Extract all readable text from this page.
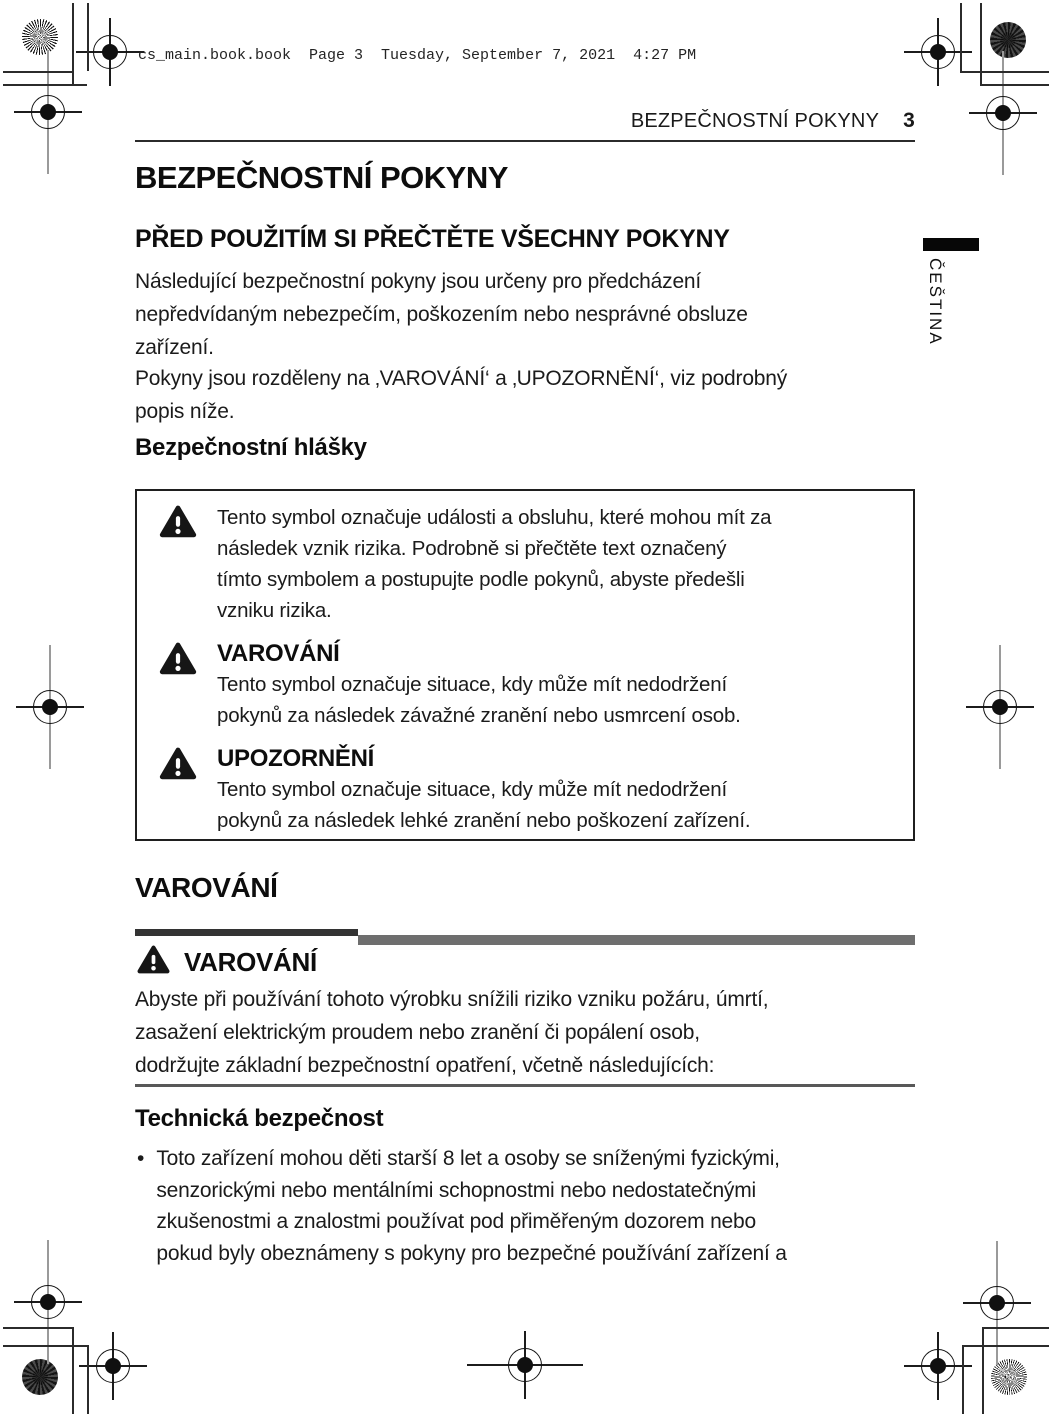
cs_main.book.book  Page 3  Tuesday, September 7, 2021  4:27 PM
BEZPEČNOSTNÍ POKYNY 3
ČEŠTINA
BEZPEČNOSTNÍ POKYNY
PŘED POUŽITÍM SI PŘEČTĚTE VŠECHNY POKYNY
Následující bezpečnostní pokyny jsou určeny pro předcházení
nepředvídaným nebezpečím, poškozením nebo nesprávné obsluze
zařízení.
Pokyny jsou rozděleny na ‚VAROVÁNÍ‘ a ‚UPOZORNĚNÍ‘, viz podrobný
popis níže.
Bezpečnostní hlášky
Tento symbol označuje události a obsluhu, které mohou mít za
následek vznik rizika. Podrobně si přečtěte text označený
tímto symbolem a postupujte podle pokynů, abyste předešli
vzniku rizika.
VAROVÁNÍ
Tento symbol označuje situace, kdy může mít nedodržení
pokynů za následek závažné zranění nebo usmrcení osob.
UPOZORNĚNÍ
Tento symbol označuje situace, kdy může mít nedodržení
pokynů za následek lehké zranění nebo poškození zařízení.
VAROVÁNÍ
VAROVÁNÍ
Abyste při používání tohoto výrobku snížili riziko vzniku požáru, úmrtí,
zasažení elektrickým proudem nebo zranění či popálení osob,
dodržujte základní bezpečnostní opatření, včetně následujících:
Technická bezpečnost
• Toto zařízení mohou děti starší 8 let a osoby se sníženými fyzickými,
senzorickými nebo mentálními schopnostmi nebo nedostatečnými
zkušenostmi a znalostmi používat pod přiměřeným dozorem nebo
pokud byly obeznámeny s pokyny pro bezpečné používání zařízení a
